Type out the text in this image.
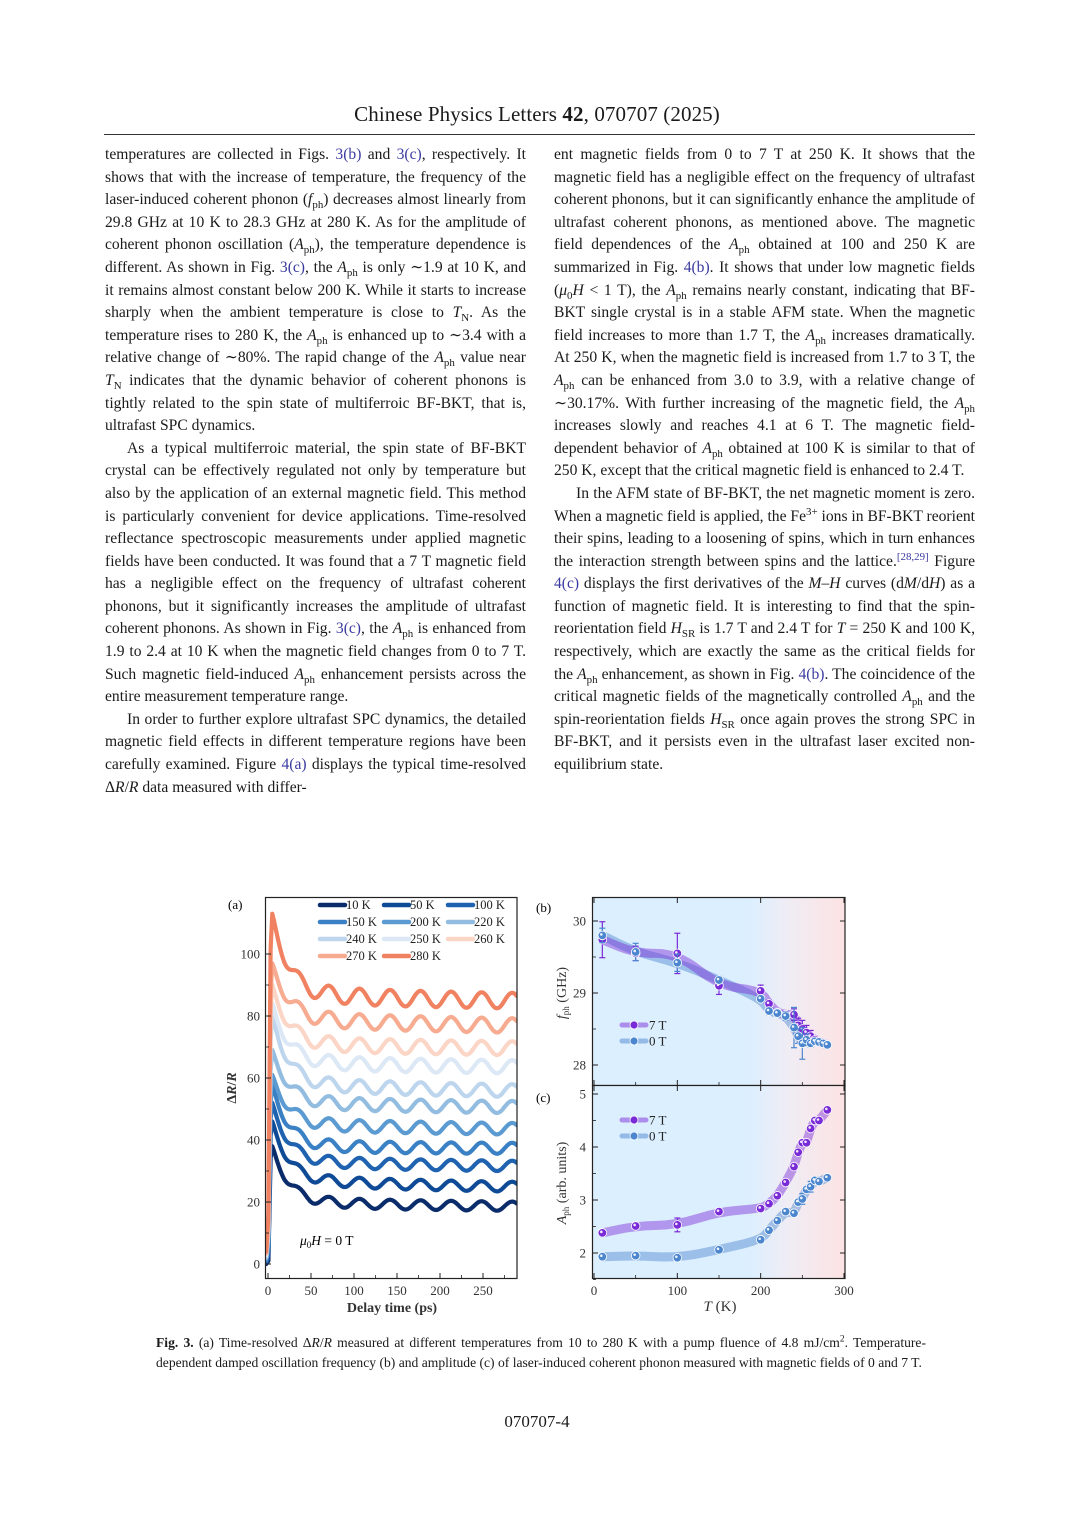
Chinese Physics Letters 42, 070707 (2025)

temperatures are collected in Figs. 3(b) and 3(c), respectively. It shows that with the increase of temperature, the frequency of the laser-induced coherent phonon $(f_{ph})$ decreases almost linearly from 29.8 GHz at 10 K to 28.3 GHz at 280 K. As for the amplitude of coherent phonon oscillation $(A_{ph})$, the temperature dependence is different. As shown in Fig. 3(c), the $A_{ph}$ is only ∼1.9 at 10 K, and it remains almost constant below 200 K. While it starts to increase sharply when the ambient temperature is close to $T_N$. As the temperature rises to 280 K, the $A_{ph}$ is enhanced up to ∼3.4 with a relative change of ∼80%. The rapid change of the $A_{ph}$ value near $T_N$ indicates that the dynamic behavior of coherent phonons is tightly related to the spin state of multiferroic BF-BKT, that is, ultrafast SPC dynamics.

As a typical multiferroic material, the spin state of BF-BKT crystal can be effectively regulated not only by temperature but also by the application of an external magnetic field. This method is particularly convenient for device applications. Time-resolved reflectance spectroscopic measurements under applied magnetic fields have been conducted. It was found that a 7 T magnetic field has a negligible effect on the frequency of ultrafast coherent phonons, but it significantly increases the amplitude of ultrafast coherent phonons. As shown in Fig. 3(c), the $A_{ph}$ is enhanced from 1.9 to 2.4 at 10 K when the magnetic field changes from 0 to 7 T. Such magnetic field-induced $A_{ph}$ enhancement persists across the entire measurement temperature range.

In order to further explore ultrafast SPC dynamics, the detailed magnetic field effects in different temperature regions have been carefully examined. Figure 4(a) displays the typical time-resolved ΔR/R data measured with differ-

ent magnetic fields from 0 to 7 T at 250 K. It shows that the magnetic field has a negligible effect on the frequency of ultrafast coherent phonons, but it can significantly enhance the amplitude of ultrafast coherent phonons, as mentioned above. The magnetic field dependences of the $A_{ph}$ obtained at 100 and 250 K are summarized in Fig. 4(b). It shows that under low magnetic fields ($\mu_0H < 1$ T), the $A_{ph}$ remains nearly constant, indicating that BF-BKT single crystal is in a stable AFM state. When the magnetic field increases to more than 1.7 T, the $A_{ph}$ increases dramatically. At 250 K, when the magnetic field is increased from 1.7 to 3 T, the $A_{ph}$ can be enhanced from 3.0 to 3.9, with a relative change of ∼30.17%. With further increasing of the magnetic field, the $A_{ph}$ increases slowly and reaches 4.1 at 6 T. The magnetic field-dependent behavior of $A_{ph}$ obtained at 100 K is similar to that of 250 K, except that the critical magnetic field is enhanced to 2.4 T.

In the AFM state of BF-BKT, the net magnetic moment is zero. When a magnetic field is applied, the $Fe^{3+}$ ions in BF-BKT reorient their spins, leading to a loosening of spins, which in turn enhances the interaction strength between spins and the lattice.[28,29] Figure 4(c) displays the first derivatives of the M–H curves (dM/dH) as a function of magnetic field. It is interesting to find that the spin-reorientation field $H_{SR}$ is 1.7 T and 2.4 T for T = 250 K and 100 K, respectively, which are exactly the same as the critical fields for the $A_{ph}$ enhancement, as shown in Fig. 4(b). The coincidence of the critical magnetic fields of the magnetically controlled $A_{ph}$ and the spin-reorientation fields $H_{SR}$ once again proves the strong SPC in BF-BKT, and it persists even in the ultrafast laser excited non-equilibrium state.

(a)
0
20
40
60
80
100
0	50 100 150 200 250
10 K	50 K	100 K
150 K	200 K	220 K
240 K	250 K	260 K
270 K	280 K
$\mu_0H = 0$ T
Delay time (ps)
ΔR/R
(b)
28
29
30
7 T
0 T
$f_{ph}$ (GHz)
(c)
2
3
4
5
0	100	200	300
7 T
0 T
$A_{ph}$ (arb. units)
T (K)
Fig. 3. (a) Time-resolved ΔR/R measured at different temperatures from 10 to 280 K with a pump fluence of 4.8 $mJ/cm^2$. Temperature-dependent damped oscillation frequency (b) and amplitude (c) of laser-induced coherent phonon measured with magnetic fields of 0 and 7 T.
070707-4
